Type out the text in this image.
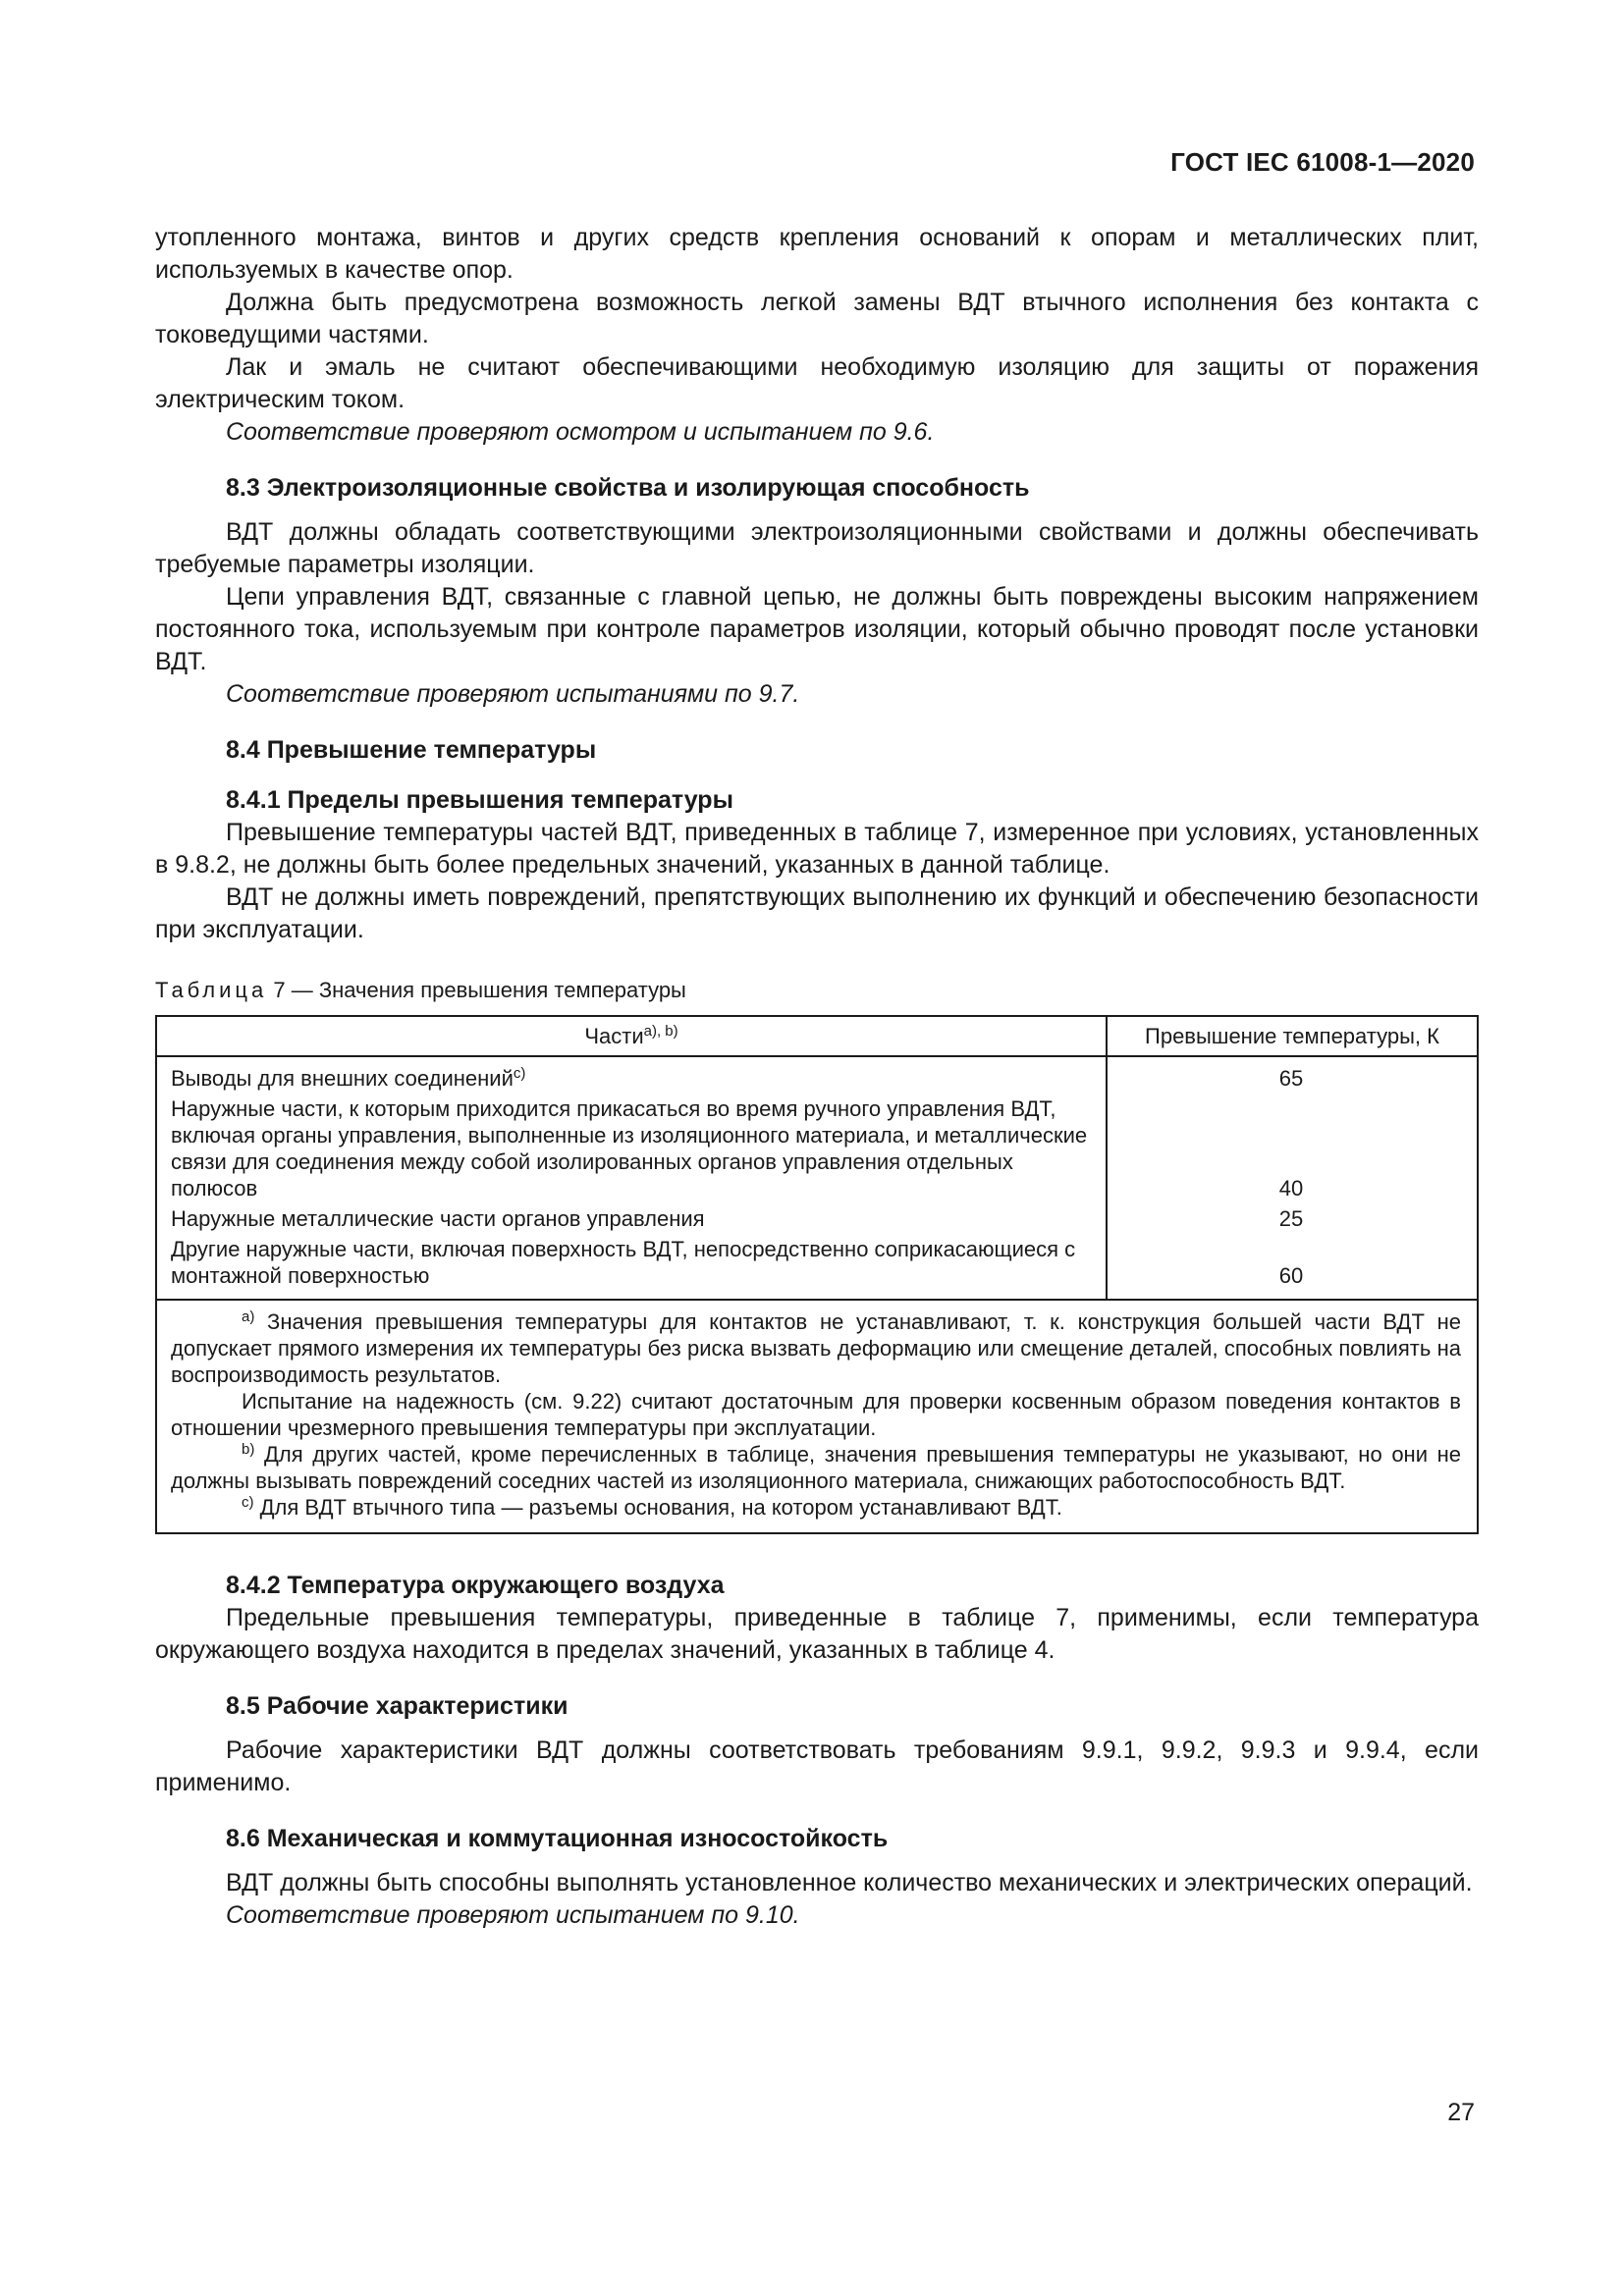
ГОСТ IEC 61008-1—2020

утопленного монтажа, винтов и других средств крепления оснований к опорам и металлических плит, используемых в качестве опор.

Должна быть предусмотрена возможность легкой замены ВДТ втычного исполнения без контакта с токоведущими частями.

Лак и эмаль не считают обеспечивающими необходимую изоляцию для защиты от поражения электрическим током.

Соответствие проверяют осмотром и испытанием по 9.6.

8.3 Электроизоляционные свойства и изолирующая способность

ВДТ должны обладать соответствующими электроизоляционными свойствами и должны обеспечивать требуемые параметры изоляции.

Цепи управления ВДТ, связанные с главной цепью, не должны быть повреждены высоким напряжением постоянного тока, используемым при контроле параметров изоляции, который обычно проводят после установки ВДТ.

Соответствие проверяют испытаниями по 9.7.

8.4 Превышение температуры
8.4.1 Пределы превышения температуры

Превышение температуры частей ВДТ, приведенных в таблице 7, измеренное при условиях, установленных в 9.8.2, не должны быть более предельных значений, указанных в данной таблице.

ВДТ не должны иметь повреждений, препятствующих выполнению их функций и обеспечению безопасности при эксплуатации.

Таблица 7 — Значения превышения температуры
Части$^{a), b)}$	Превышение температуры, К
Выводы для внешних соединений$^{c)}$	65
Наружные части, к которым приходится прикасаться во время ручного управления ВДТ, включая органы управления, выполненные из изоляционного материала, и металлические связи для соединения между собой изолированных органов управления отдельных полюсов	40
Наружные металлические части органов управления	25
Другие наружные части, включая поверхность ВДТ, непосредственно соприкасающиеся с монтажной поверхностью	60

$^{a)}$ Значения превышения температуры для контактов не устанавливают, т. к. конструкция большей части ВДТ не допускает прямого измерения их температуры без риска вызвать деформацию или смещение деталей, способных повлиять на воспроизводимость результатов.

Испытание на надежность (см. 9.22) считают достаточным для проверки косвенным образом поведения контактов в отношении чрезмерного превышения температуры при эксплуатации.

$^{b)}$ Для других частей, кроме перечисленных в таблице, значения превышения температуры не указывают, но они не должны вызывать повреждений соседних частей из изоляционного материала, снижающих работоспособность ВДТ.

$^{c)}$ Для ВДТ втычного типа — разъемы основания, на котором устанавливают ВДТ.	

8.4.2 Температура окружающего воздуха

Предельные превышения температуры, приведенные в таблице 7, применимы, если температура окружающего воздуха находится в пределах значений, указанных в таблице 4.

8.5 Рабочие характеристики

Рабочие характеристики ВДТ должны соответствовать требованиям 9.9.1, 9.9.2, 9.9.3 и 9.9.4, если применимо.

8.6 Механическая и коммутационная износостойкость

ВДТ должны быть способны выполнять установленное количество механических и электрических операций.

Соответствие проверяют испытанием по 9.10.

27
